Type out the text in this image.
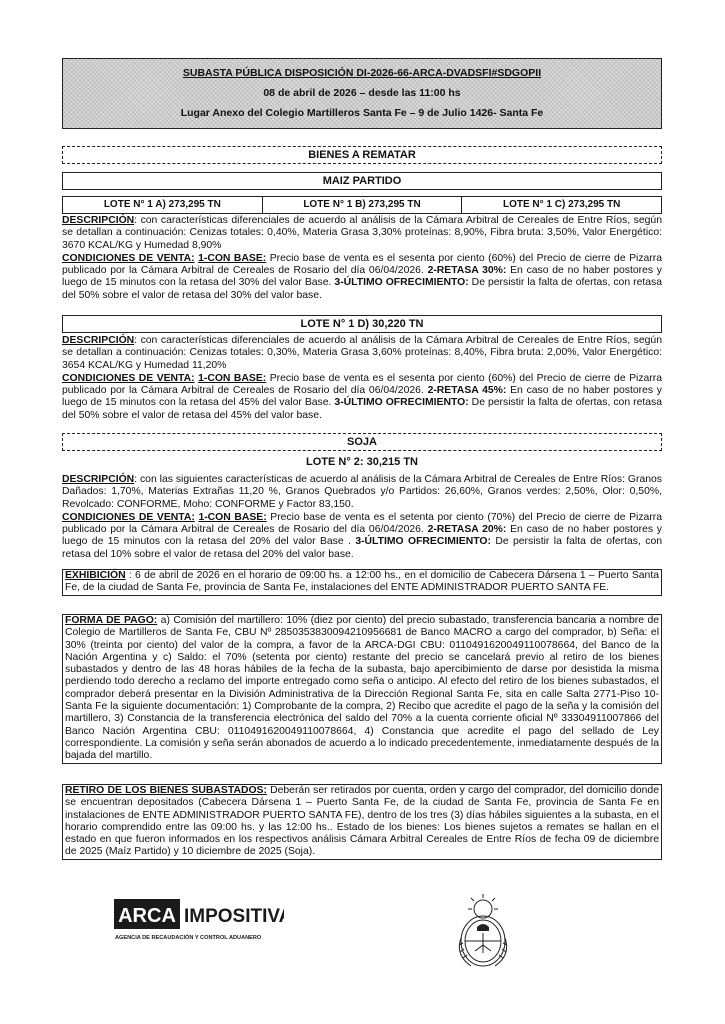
SUBASTA PÚBLICA DISPOSICIÓN DI-2026-66-ARCA-DVADSFI#SDGOPII
08 de abril de 2026 – desde las 11:00 hs
Lugar Anexo del Colegio Martilleros Santa Fe – 9 de Julio 1426- Santa Fe
BIENES A REMATAR
MAIZ PARTIDO
LOTE N° 1 A) 273,295 TN	LOTE N° 1 B) 273,295 TN	LOTE N° 1 C) 273,295 TN

DESCRIPCIÓN: con características diferenciales de acuerdo al análisis de la Cámara Arbitral de Cereales de Entre Ríos, según se detallan a continuación: Cenizas totales: 0,40%, Materia Grasa 3,30% proteínas: 8,90%, Fibra bruta: 3,50%, Valor Energético: 3670 KCAL/KG y Humedad 8,90%

CONDICIONES DE VENTA: 1-CON BASE: Precio base de venta es el sesenta por ciento (60%) del Precio de cierre de Pizarra publicado por la Cámara Arbitral de Cereales de Rosario del día 06/04/2026. 2-RETASA 30%: En caso de no haber postores y luego de 15 minutos con la retasa del 30% del valor Base. 3-ÚLTIMO OFRECIMIENTO: De persistir la falta de ofertas, con retasa del 50% sobre el valor de retasa del 30% del valor base.

LOTE N° 1 D) 30,220 TN

DESCRIPCIÓN: con características diferenciales de acuerdo al análisis de la Cámara Arbitral de Cereales de Entre Ríos, según se detallan a continuación: Cenizas totales: 0,30%, Materia Grasa 3,60% proteínas: 8,40%, Fibra bruta: 2,00%, Valor Energético: 3654 KCAL/KG y Humedad 11,20%

CONDICIONES DE VENTA: 1-CON BASE: Precio base de venta es el sesenta por ciento (60%) del Precio de cierre de Pizarra publicado por la Cámara Arbitral de Cereales de Rosario del día 06/04/2026. 2-RETASA 45%: En caso de no haber postores y luego de 15 minutos con la retasa del 45% del valor Base. 3-ÚLTIMO OFRECIMIENTO: De persistir la falta de ofertas, con retasa del 50% sobre el valor de retasa del 45% del valor base.

SOJA
LOTE N° 2: 30,215 TN

DESCRIPCIÓN: con las siguientes características de acuerdo al análisis de la Cámara Arbitral de Cereales de Entre Ríos: Granos Dañados: 1,70%, Materias Extrañas 11,20 %, Granos Quebrados y/o Partidos: 26,60%, Granos verdes: 2,50%, Olor: 0,50%, Revolcado: CONFORME, Moho: CONFORME y Factor 83,150.

CONDICIONES DE VENTA: 1-CON BASE: Precio base de venta es el setenta por ciento (70%) del Precio de cierre de Pizarra publicado por la Cámara Arbitral de Cereales de Rosario del día 06/04/2026. 2-RETASA 20%: En caso de no haber postores y luego de 15 minutos con la retasa del 20% del valor Base . 3-ÚLTIMO OFRECIMIENTO: De persistir la falta de ofertas, con retasa del 10% sobre el valor de retasa del 20% del valor base.

EXHIBICIÓN : 6 de abril de 2026 en el horario de 09:00 hs. a 12:00 hs., en el domicilio de Cabecera Dársena 1 – Puerto Santa Fe, de la ciudad de Santa Fe, provincia de Santa Fe, instalaciones del ENTE ADMINISTRADOR PUERTO SANTA FE.

FORMA DE PAGO: a) Comisión del martillero: 10% (diez por ciento) del precio subastado, transferencia bancaria a nombre de Colegio de Martilleros de Santa Fe, CBU Nº 2850353830094210956681 de Banco MACRO a cargo del comprador, b) Seña: el 30% (treinta por ciento) del valor de la compra, a favor de la ARCA-DGI CBU: 0110491620049110078664, del Banco de la Nación Argentina y c) Saldo: el 70% (setenta por ciento) restante del precio se cancelará previo al retiro de los bienes subastados y dentro de las 48 horas hábiles de la fecha de la subasta, bajo apercibimiento de darse por desistida la misma perdiendo todo derecho a reclamo del importe entregado como seña o anticipo. Al efecto del retiro de los bienes subastados, el comprador deberá presentar en la División Administrativa de la Dirección Regional Santa Fe, sita en calle Salta 2771-Piso 10-Santa Fe la siguiente documentación: 1) Comprobante de la compra, 2) Recibo que acredite el pago de la seña y la comisión del martillero, 3) Constancia de la transferencia electrónica del saldo del 70% a la cuenta corriente oficial Nº 33304911007866 del Banco Nación Argentina CBU: 0110491620049110078664, 4) Constancia que acredite el pago del sellado de Ley correspondiente. La comisión y seña serán abonados de acuerdo a lo indicado precedentemente, inmediatamente después de la bajada del martillo.

RETIRO DE LOS BIENES SUBASTADOS: Deberán ser retirados por cuenta, orden y cargo del comprador, del domicilio donde se encuentran depositados (Cabecera Dársena 1 – Puerto Santa Fe, de la ciudad de Santa Fe, provincia de Santa Fe en instalaciones de ENTE ADMINISTRADOR PUERTO SANTA FE), dentro de los tres (3) días hábiles siguientes a la subasta, en el horario comprendido entre las 09:00 hs. y las 12:00 hs.. Estado de los bienes: Los bienes sujetos a remates se hallan en el estado en que fueron informados en los respectivos análisis Cámara Arbitral Cereales de Entre Ríos de fecha 09 de diciembre de 2025 (Maíz Partido) y 10 diciembre de 2025 (Soja).

ARCA IMPOSITIVA
AGENCIA DE RECAUDACIÓN Y CONTROL ADUANERO
